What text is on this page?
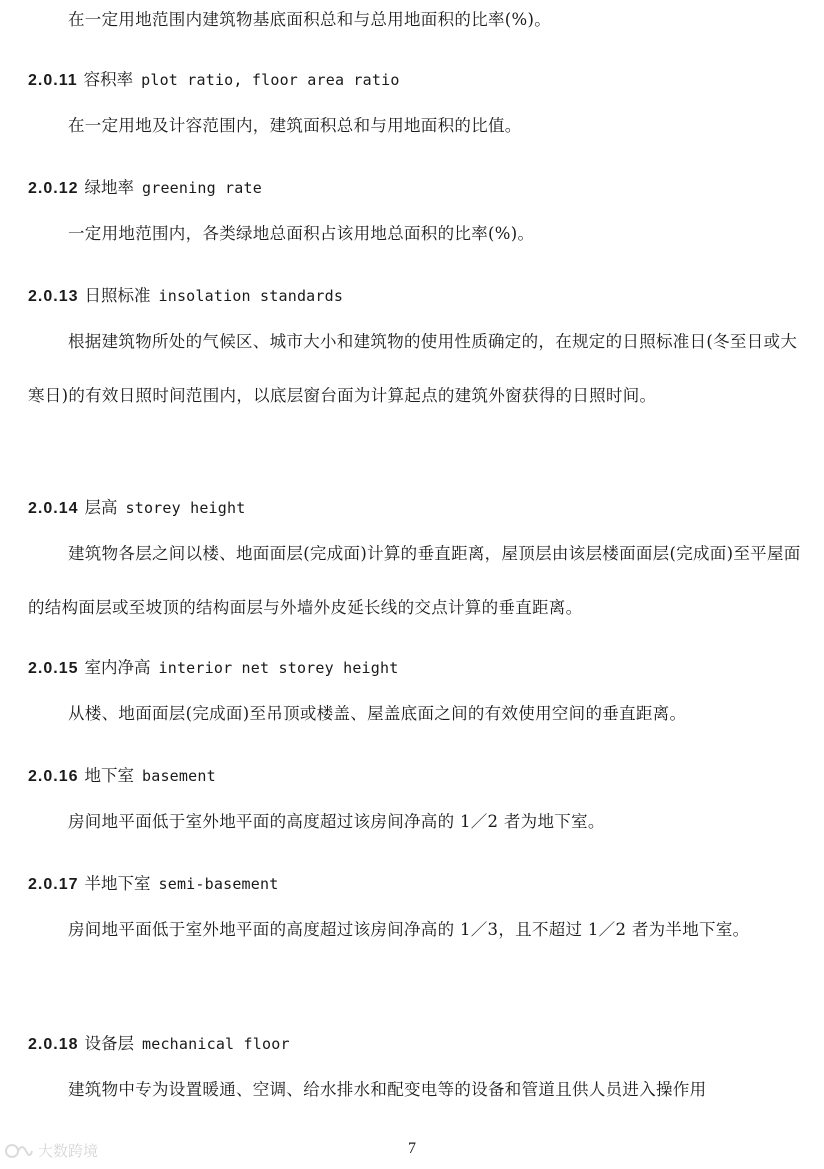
在一定用地范围内建筑物基底面积总和与总用地面积的比率(%)。
2.0.11 容积率 plot ratio, floor area ratio
在一定用地及计容范围内，建筑面积总和与用地面积的比值。
2.0.12 绿地率 greening rate
一定用地范围内，各类绿地总面积占该用地总面积的比率(%)。
2.0.13 日照标准 insolation standards
根据建筑物所处的气候区、城市大小和建筑物的使用性质确定的，在规定的日照标准日(冬至日或大寒日)的有效日照时间范围内，以底层窗台面为计算起点的建筑外窗获得的日照时间。
2.0.14 层高 storey height
建筑物各层之间以楼、地面面层(完成面)计算的垂直距离，屋顶层由该层楼面面层(完成面)至平屋面的结构面层或至坡顶的结构面层与外墙外皮延长线的交点计算的垂直距离。
2.0.15 室内净高 interior net storey height
从楼、地面面层(完成面)至吊顶或楼盖、屋盖底面之间的有效使用空间的垂直距离。
2.0.16 地下室 basement
房间地平面低于室外地平面的高度超过该房间净高的 1／2 者为地下室。
2.0.17 半地下室 semi-basement
房间地平面低于室外地平面的高度超过该房间净高的 1／3，且不超过 1／2 者为半地下室。
2.0.18 设备层 mechanical floor
建筑物中专为设置暖通、空调、给水排水和配变电等的设备和管道且供人员进入操作用
7
大数跨境
